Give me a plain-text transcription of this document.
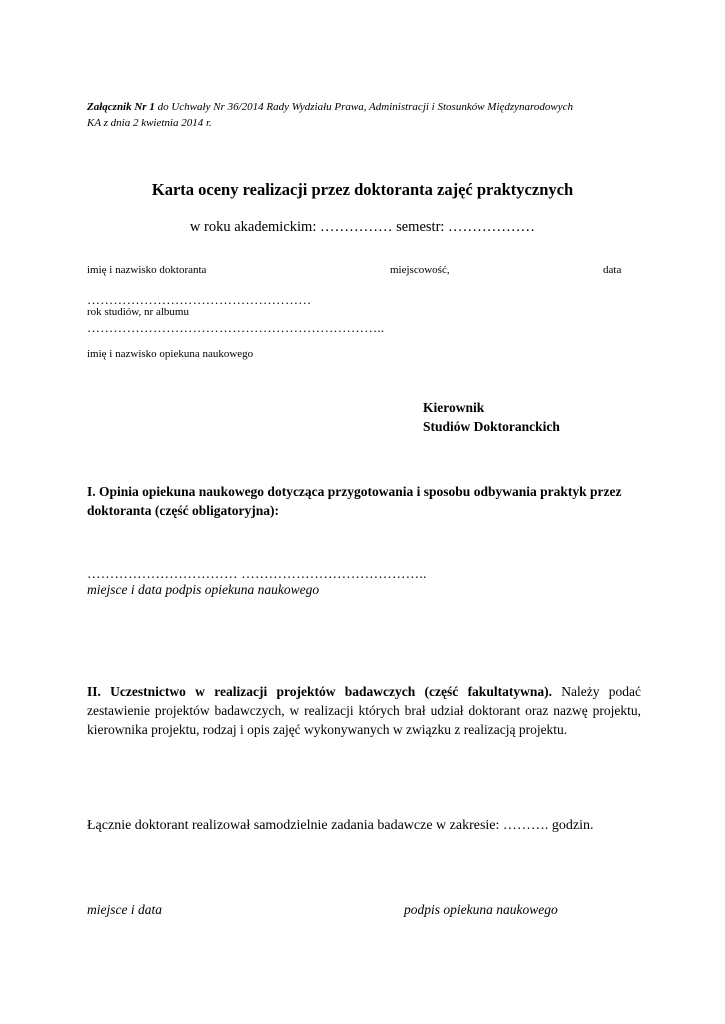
Załącznik Nr 1 do Uchwały Nr 36/2014 Rady Wydziału Prawa, Administracji i Stosunków Międzynarodowych
KA z dnia 2 kwietnia 2014 r.
Karta oceny realizacji przez doktoranta zajęć praktycznych
w roku akademickim: …………… semestr: ………………
imię i nazwisko doktoranta	miejscowość,	data
……………………………………………
rok studiów, nr albumu
…………………………………………………………..
imię i nazwisko opiekuna naukowego
Kierownik
Studiów Doktoranckich
I. Opinia opiekuna naukowego dotycząca przygotowania i sposobu odbywania praktyk przez doktoranta (część obligatoryjna):
…………………………… …………………………………..
miejsce i data podpis opiekuna naukowego
II. Uczestnictwo w realizacji projektów badawczych (część fakultatywna). Należy podać zestawienie projektów badawczych, w realizacji których brał udział doktorant oraz nazwę projektu, kierownika projektu, rodzaj i opis zajęć wykonywanych w związku z realizacją projektu.
Łącznie doktorant realizował samodzielnie zadania badawcze w zakresie: ………. godzin.
miejsce i data	podpis opiekuna naukowego
